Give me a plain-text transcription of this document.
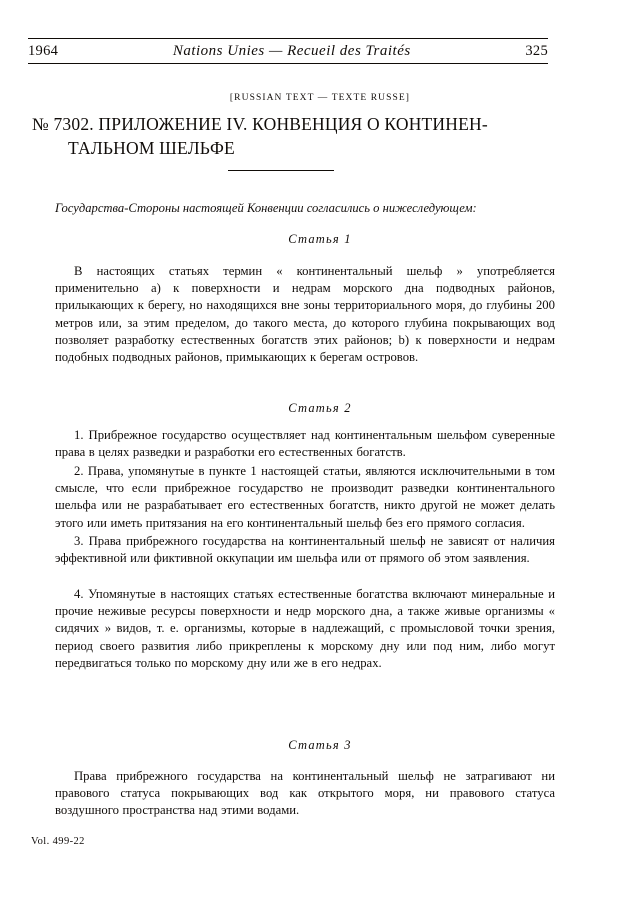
1964	Nations Unies — Recueil des Traités	325
[RUSSIAN TEXT — TEXTE RUSSE]
№ 7302. ПРИЛОЖЕНИЕ IV. КОНВЕНЦИЯ О КОНТИНЕН-
ТАЛЬНОМ ШЕЛЬФЕ
Государства-Стороны настоящей Конвенции согласились о нижеследующем:
Статья 1
В настоящих статьях термин « континентальный шельф » употребляется применительно a) к поверхности и недрам морского дна подводных районов, прилыкающих к берегу, но находящихся вне зоны территориального моря, до глубины 200 метров или, за этим пределом, до такого места, до которого глубина покрывающих вод позволяет разработку естественных богатств этих районов; b) к поверхности и недрам подобных подводных районов, примыкающих к берегам островов.
Статья 2
1. Прибрежное государство осуществляет над континентальным шельфом суверенные права в целях разведки и разработки его естественных богатств.
2. Права, упомянутые в пункте 1 настоящей статьи, являются исключительными в том смысле, что если прибрежное государство не производит разведки континентального шельфа или не разрабатывает его естественных богатств, никто другой не может делать этого или иметь притязания на его континентальный шельф без его прямого согласия.
3. Права прибрежного государства на континентальный шельф не зависят от наличия эффективной или фиктивной оккупации им шельфа или от прямого об этом заявления.
4. Упомянутые в настоящих статьях естественные богатства включают минеральные и прочие неживые ресурсы поверхности и недр морского дна, а также живые организмы « сидячих » видов, т. е. организмы, которые в надлежащий, с промысловой точки зрения, период своего развития либо прикреплены к морскому дну или под ним, либо могут передвигаться только по морскому дну или же в его недрах.
Статья 3
Права прибрежного государства на континентальный шельф не затрагивают ни правового статуса покрывающих вод как открытого моря, ни правового статуса воздушного пространства над этими водами.
Vol. 499-22
